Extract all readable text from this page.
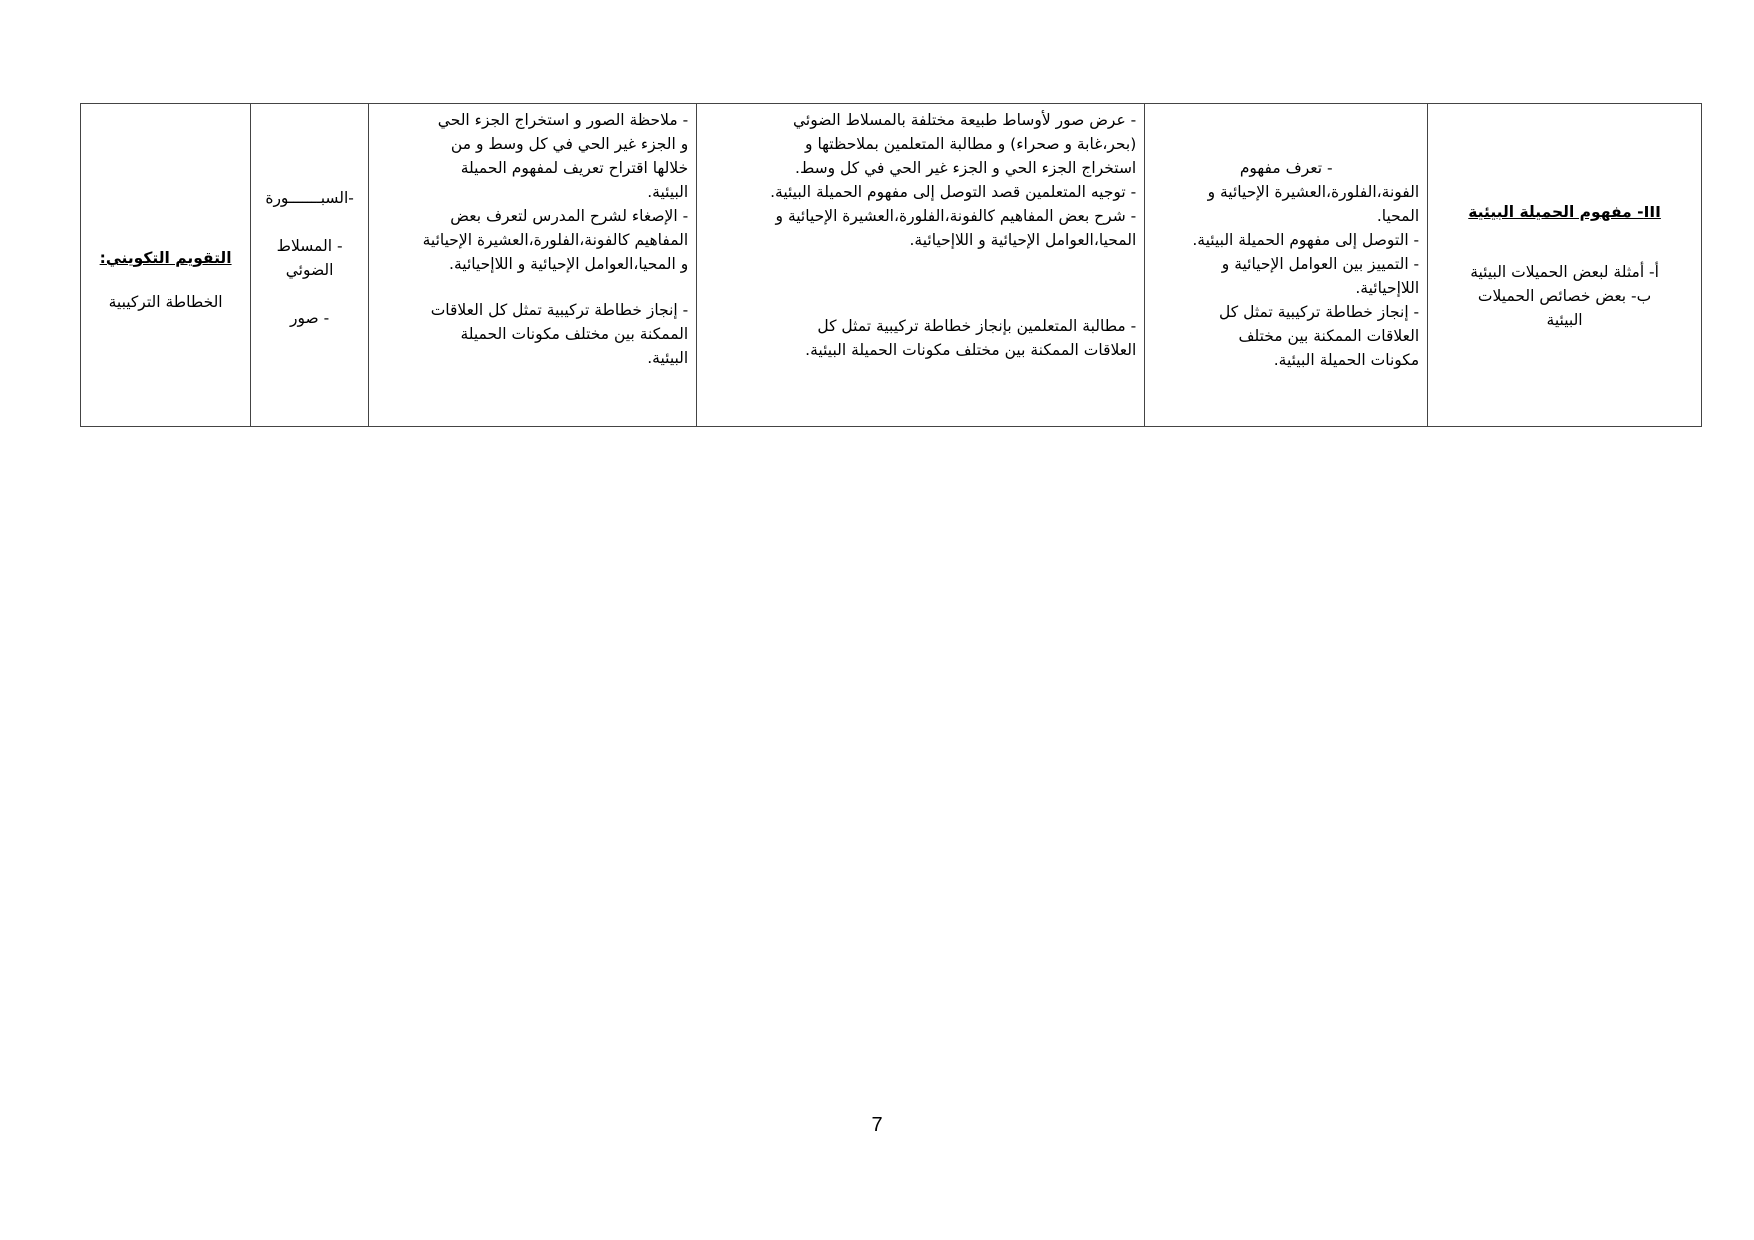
III- مفهوم الحميلة البيئية
أ- أمثلة لبعض الحميلات البيئية
ب- بعض خصائص الحميلات
البيئية

- تعرف مفهوم
الفونة،الفلورة،العشيرة الإحيائية و
المحيا.
- التوصل إلى مفهوم الحميلة البيئية.
- التمييز بين العوامل الإحيائية و
اللاإحيائية.
- إنجاز خطاطة تركيبية تمثل كل
العلاقات الممكنة بين مختلف
مكونات الحميلة البيئية.

- عرض صور لأوساط طبيعة مختلفة بالمسلاط الضوئي
(بحر،غابة و صحراء) و مطالبة المتعلمين بملاحظتها و
استخراج الجزء الحي و الجزء غير الحي في كل وسط.
- توجيه المتعلمين قصد التوصل إلى مفهوم الحميلة البيئية.
- شرح بعض المفاهيم كالفونة،الفلورة،العشيرة الإحيائية و
المحيا،العوامل الإحيائية و اللاإحيائية.
- مطالبة المتعلمين بإنجاز خطاطة تركيبية تمثل كل
العلاقات الممكنة بين مختلف مكونات الحميلة البيئية.

- ملاحظة الصور و استخراج الجزء الحي
و الجزء غير الحي في كل وسط و من
خلالها اقتراح تعريف لمفهوم الحميلة
البيئية.
- الإصغاء لشرح المدرس لتعرف بعض
المفاهيم كالفونة،الفلورة،العشيرة الإحيائية
و المحيا،العوامل الإحيائية و اللاإحيائية.
- إنجاز خطاطة تركيبية تمثل كل العلاقات
الممكنة بين مختلف مكونات الحميلة
البيئية.

-السبـــــــورة
- المسلاط
الضوئي
- صور

التقويم التكويني:
الخطاطة التركيبية
7
